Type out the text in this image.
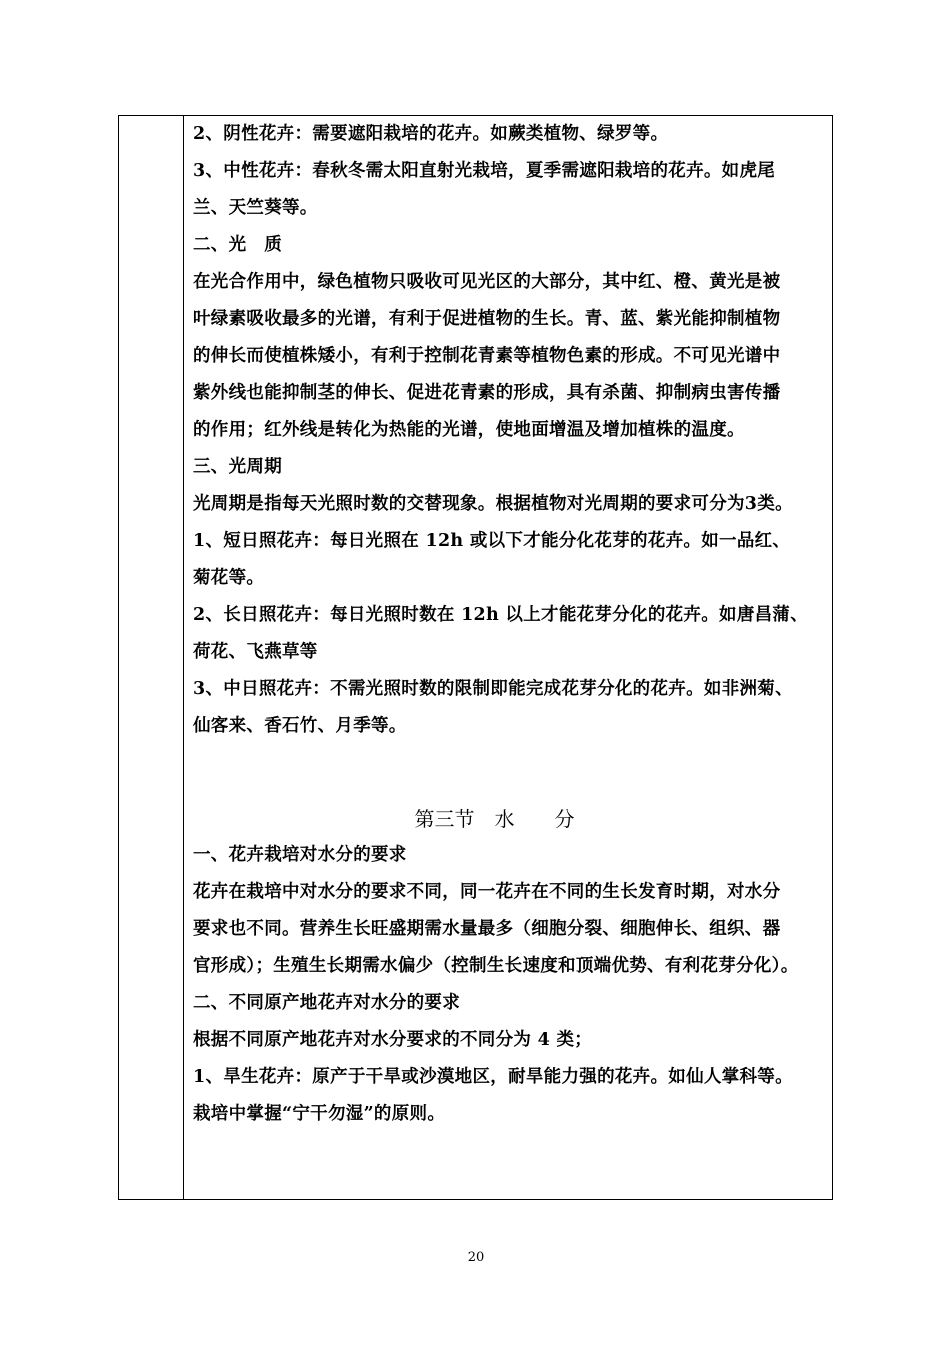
2、阴性花卉：需要遮阳栽培的花卉。如蕨类植物、绿罗等。

3、中性花卉：春秋冬需太阳直射光栽培，夏季需遮阳栽培的花卉。如虎尾

兰、天竺葵等。

二、光　质

在光合作用中，绿色植物只吸收可见光区的大部分，其中红、橙、黄光是被

叶绿素吸收最多的光谱，有利于促进植物的生长。青、蓝、紫光能抑制植物

的伸长而使植株矮小，有利于控制花青素等植物色素的形成。不可见光谱中

紫外线也能抑制茎的伸长、促进花青素的形成，具有杀菌、抑制病虫害传播

的作用；红外线是转化为热能的光谱，使地面增温及增加植株的温度。

三、光周期

光周期是指每天光照时数的交替现象。根据植物对光周期的要求可分为3类。

1、短日照花卉：每日光照在 12h 或以下才能分化花芽的花卉。如一品红、

菊花等。

2、长日照花卉：每日光照时数在 12h 以上才能花芽分化的花卉。如唐昌蒲、

荷花、飞燕草等

3、中日照花卉：不需光照时数的限制即能完成花芽分化的花卉。如非洲菊、

仙客来、香石竹、月季等。

第三节　水　　分

一、花卉栽培对水分的要求

花卉在栽培中对水分的要求不同，同一花卉在不同的生长发育时期，对水分

要求也不同。营养生长旺盛期需水量最多（细胞分裂、细胞伸长、组织、器

官形成）；生殖生长期需水偏少（控制生长速度和顶端优势、有利花芽分化）。

二、不同原产地花卉对水分的要求

根据不同原产地花卉对水分要求的不同分为 4 类；

1、旱生花卉：原产于干旱或沙漠地区，耐旱能力强的花卉。如仙人掌科等。

栽培中掌握“宁干勿湿”的原则。

20
